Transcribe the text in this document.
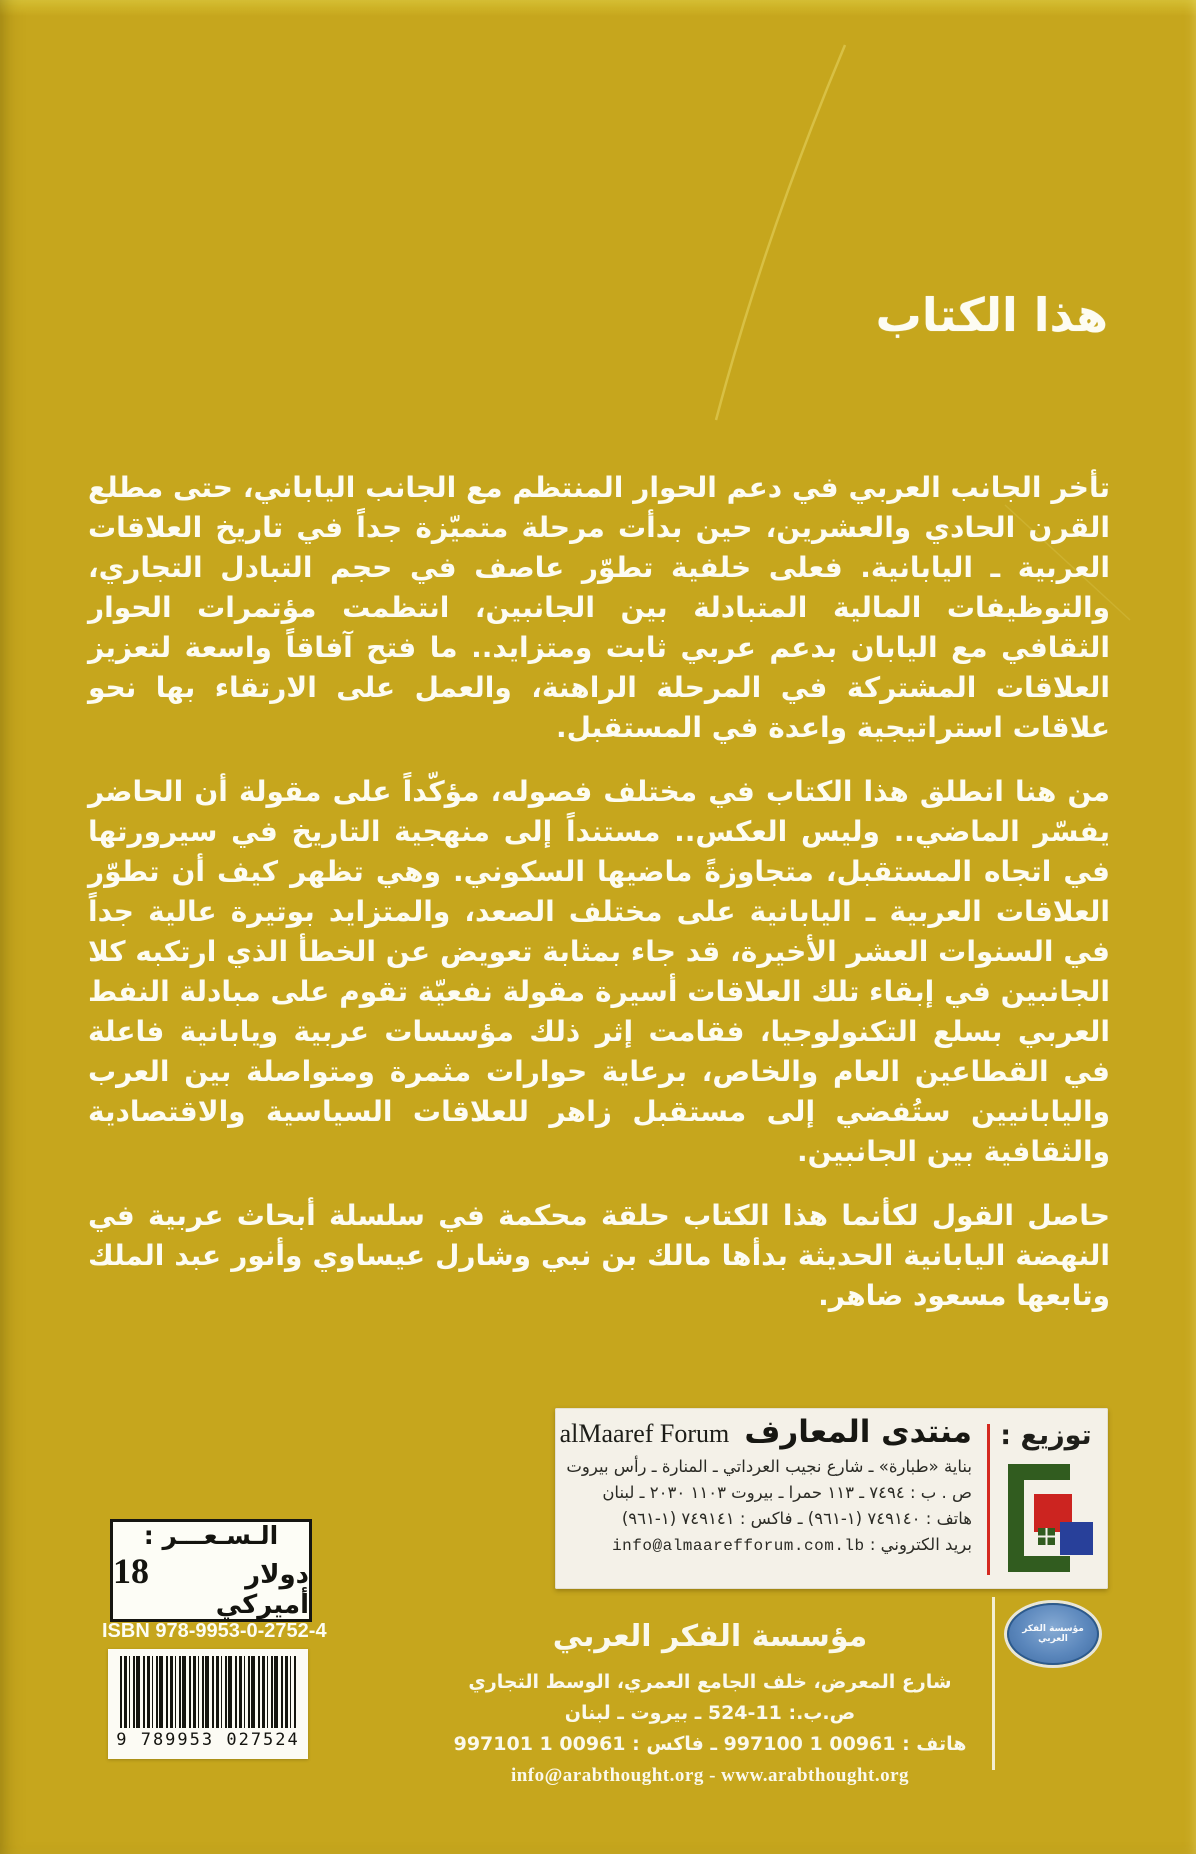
هذا الكتاب

تأخر الجانب العربي في دعم الحوار المنتظم مع الجانب الياباني، حتى مطلع القرن الحادي والعشرين، حين بدأت مرحلة متميّزة جداً في تاريخ العلاقات العربية ـ اليابانية. فعلى خلفية تطوّر عاصف في حجم التبادل التجاري، والتوظيفات المالية المتبادلة بين الجانبين، انتظمت مؤتمرات الحوار الثقافي مع اليابان بدعم عربي ثابت ومتزايد.. ما فتح آفاقاً واسعة لتعزيز العلاقات المشتركة في المرحلة الراهنة، والعمل على الارتقاء بها نحو علاقات استراتيجية واعدة في المستقبل.

من هنا انطلق هذا الكتاب في مختلف فصوله، مؤكّداً على مقولة أن الحاضر يفسّر الماضي.. وليس العكس.. مستنداً إلى منهجية التاريخ في سيرورتها في اتجاه المستقبل، متجاوزةً ماضيها السكوني. وهي تظهر كيف أن تطوّر العلاقات العربية ـ اليابانية على مختلف الصعد، والمتزايد بوتيرة عالية جداً في السنوات العشر الأخيرة، قد جاء بمثابة تعويض عن الخطأ الذي ارتكبه كلا الجانبين في إبقاء تلك العلاقات أسيرة مقولة نفعيّة تقوم على مبادلة النفط العربي بسلع التكنولوجيا، فقامت إثر ذلك مؤسسات عربية ويابانية فاعلة في القطاعين العام والخاص، برعاية حوارات مثمرة ومتواصلة بين العرب واليابانيين ستُفضي إلى مستقبل زاهر للعلاقات السياسية والاقتصادية والثقافية بين الجانبين.

حاصل القول لكأنما هذا الكتاب حلقة محكمة في سلسلة أبحاث عربية في النهضة اليابانية الحديثة بدأها مالك بن نبي وشارل عيساوي وأنور عبد الملك وتابعها مسعود ضاهر.

توزيع :
منتدى المعارف alMaaref Forum
بناية «طبارة» ـ شارع نجيب العرداتي ـ المنارة ـ رأس بيروت
ص . ب : ٧٤٩٤ ـ ١١٣ حمرا ـ بيروت ١١٠٣ ٢٠٣٠ ـ لبنان
هاتف : ٧٤٩١٤٠ (١-٩٦١) ـ فاكس : ٧٤٩١٤١ (١-٩٦١)
بريد الكتروني : info@almaarefforum.com.lb
الـسـعـــر :
18	دولار أميركي
ISBN 978-9953-0-2752-4
9 789953 027524
مؤسسة الفكر العربي
شارع المعرض، خلف الجامع العمري، الوسط التجاري
ص.ب.: 11-524 ـ بيروت ـ لبنان
هاتف : 00961 1 997100 ـ فاكس : 00961 1 997101
info@arabthought.org - www.arabthought.org
مؤسسة الفكر العربي
